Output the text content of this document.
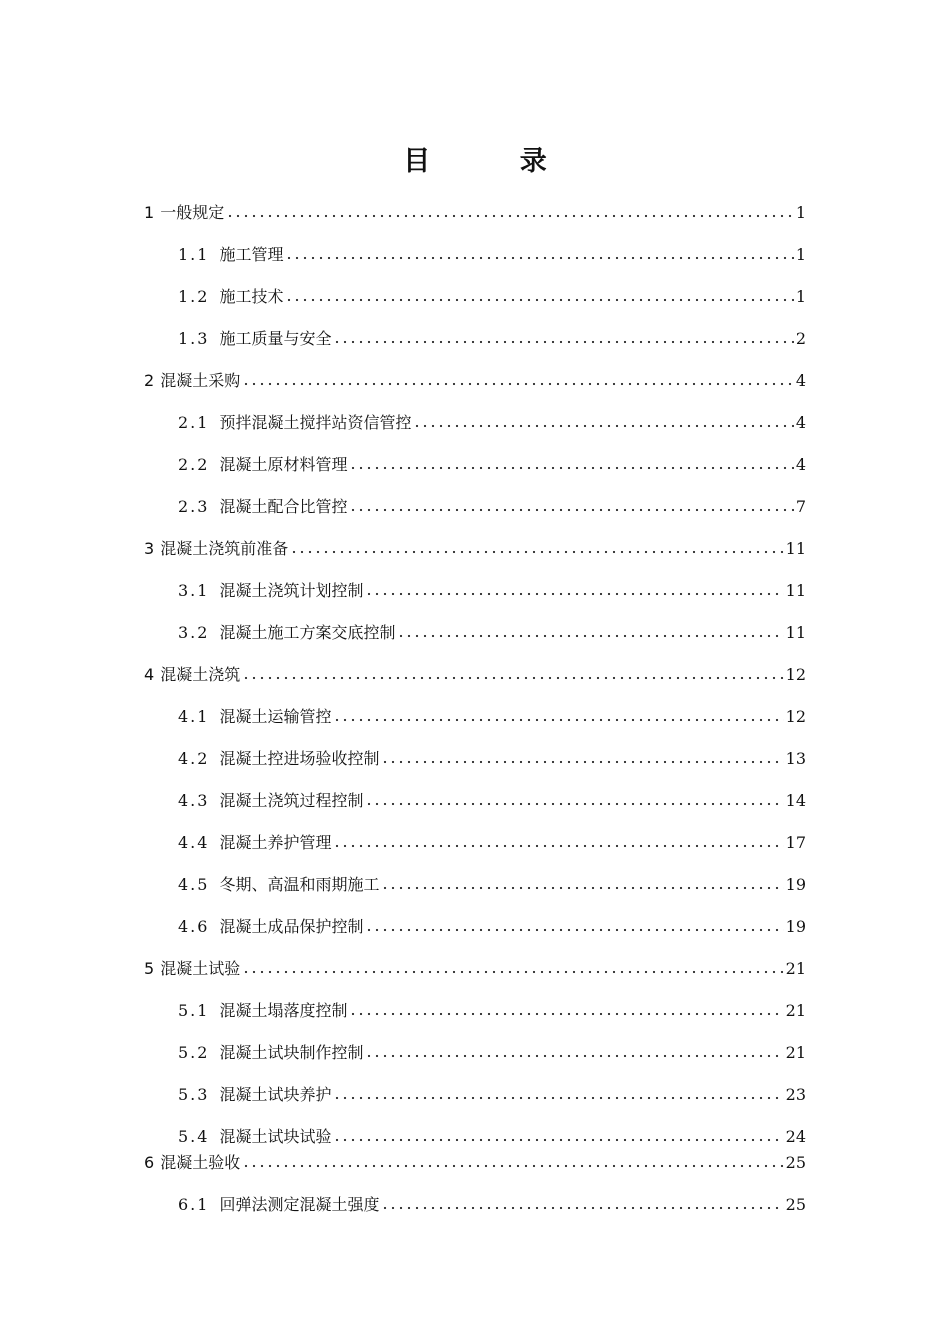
目 录
1 一般规定	1
1.1 施工管理	1
1.2 施工技术	1
1.3 施工质量与安全	2
2 混凝土采购	4
2.1 预拌混凝土搅拌站资信管控	4
2.2 混凝土原材料管理	4
2.3 混凝土配合比管控	7
3 混凝土浇筑前准备	11
3.1 混凝土浇筑计划控制	11
3.2 混凝土施工方案交底控制	11
4 混凝土浇筑	12
4.1 混凝土运输管控	12
4.2 混凝土控进场验收控制	13
4.3 混凝土浇筑过程控制	14
4.4 混凝土养护管理	17
4.5 冬期、高温和雨期施工	19
4.6 混凝土成品保护控制	19
5 混凝土试验	21
5.1 混凝土塌落度控制	21
5.2 混凝土试块制作控制	21
5.3 混凝土试块养护	23
5.4 混凝土试块试验	24
6 混凝土验收	25
6.1 回弹法测定混凝土强度	25
